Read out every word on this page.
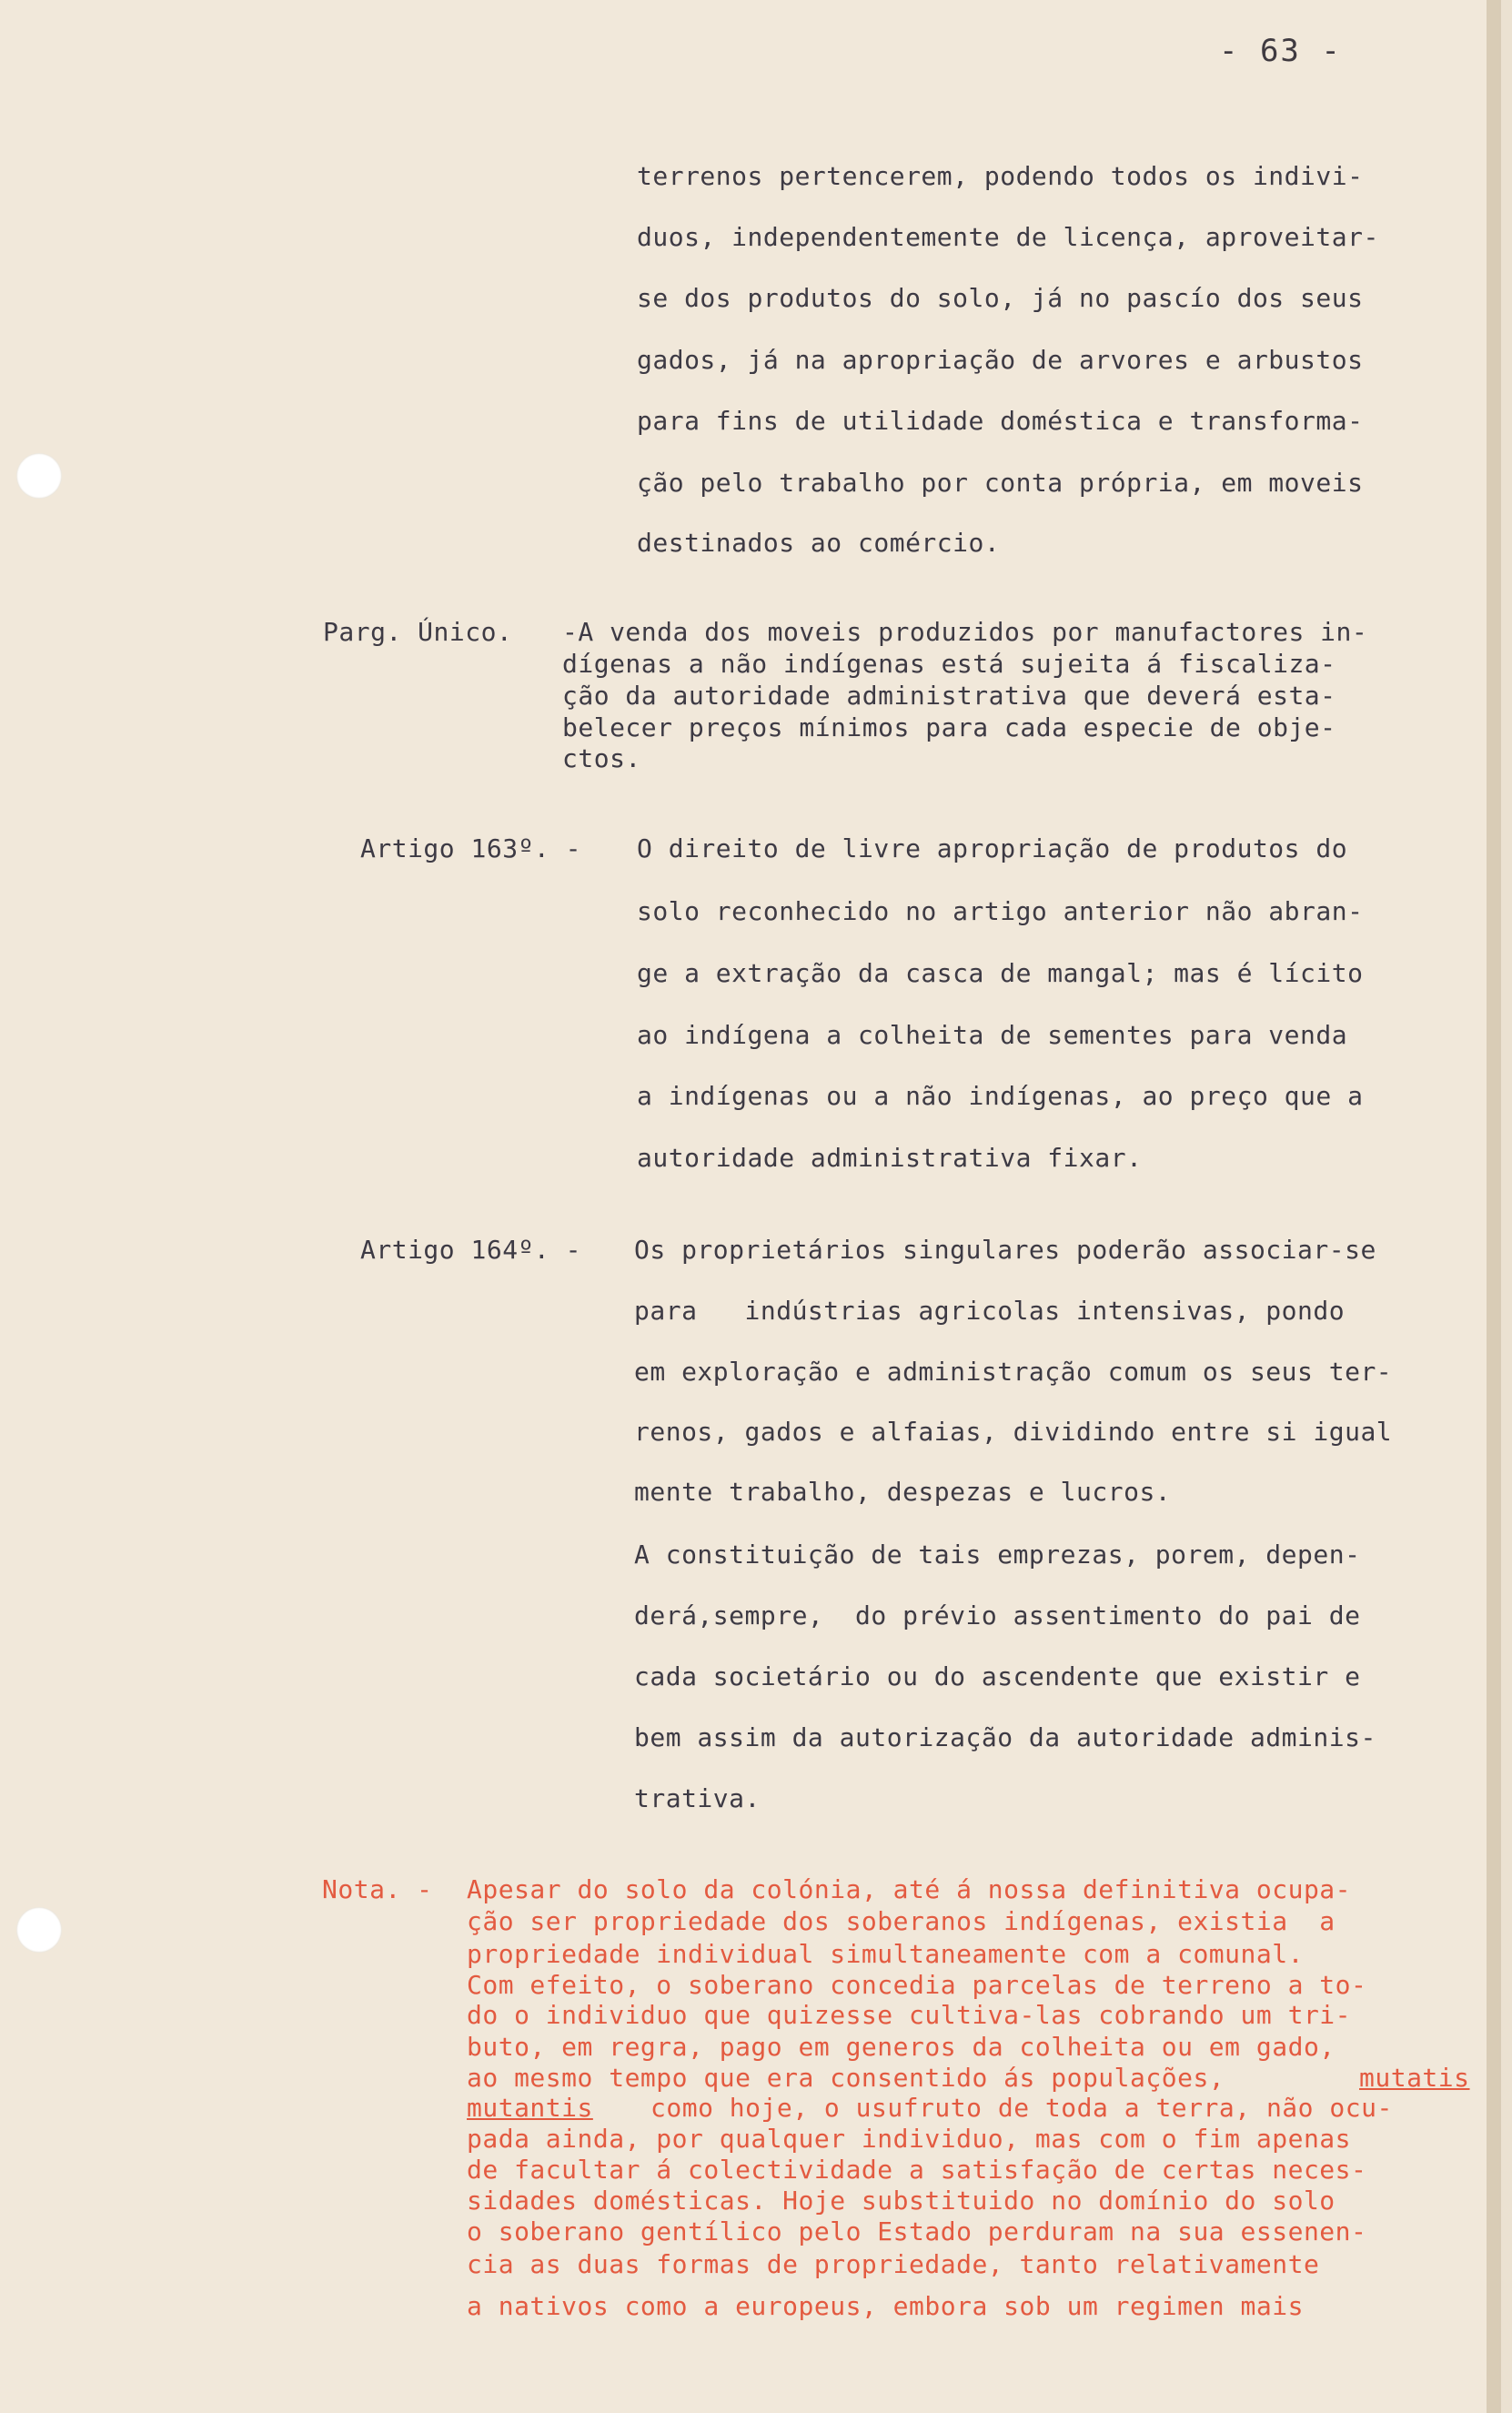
- 63 -

terrenos pertencerem, podendo todos os indivi-

duos, independentemente de licença, aproveitar-

se dos produtos do solo, já no pascío dos seus

gados, já na apropriação de arvores e arbustos

para fins de utilidade doméstica e transforma-

ção pelo trabalho por conta própria, em moveis

destinados ao comércio.

Parg. Único. -A venda dos moveis produzidos por manufactores in-

dígenas a não indígenas está sujeita á fiscaliza-

ção da autoridade administrativa que deverá esta-

belecer preços mínimos para cada especie de obje-

ctos.

Artigo 163º. - O direito de livre apropriação de produtos do

solo reconhecido no artigo anterior não abran-

ge a extração da casca de mangal; mas é lícito

ao indígena a colheita de sementes para venda

a indígenas ou a não indígenas, ao preço que a

autoridade administrativa fixar.

Artigo 164º. - Os proprietários singulares poderão associar-se

para   indústrias agricolas intensivas, pondo

em exploração e administração comum os seus ter-

renos, gados e alfaias, dividindo entre si igual

mente trabalho, despezas e lucros.

A constituição de tais emprezas, porem, depen-

derá,sempre,  do prévio assentimento do pai de

cada societário ou do ascendente que existir e

bem assim da autorização da autoridade adminis-

trativa.

Nota. - Apesar do solo da colónia, até á nossa definitiva ocupa-

ção ser propriedade dos soberanos indígenas, existia  a

propriedade individual simultaneamente com a comunal.

Com efeito, o soberano concedia parcelas de terreno a to-

do o individuo que quizesse cultiva-las cobrando um tri-

buto, em regra, pago em generos da colheita ou em gado,

ao mesmo tempo que era consentido ás populações,	mutatis

mutantis como hoje, o usufruto de toda a terra, não ocu-

pada ainda, por qualquer individuo, mas com o fim apenas

de facultar á colectividade a satisfação de certas neces-

sidades domésticas. Hoje substituido no domínio do solo

o soberano gentílico pelo Estado perduram na sua essenen-

cia as duas formas de propriedade, tanto relativamente

a nativos como a europeus, embora sob um regimen mais
